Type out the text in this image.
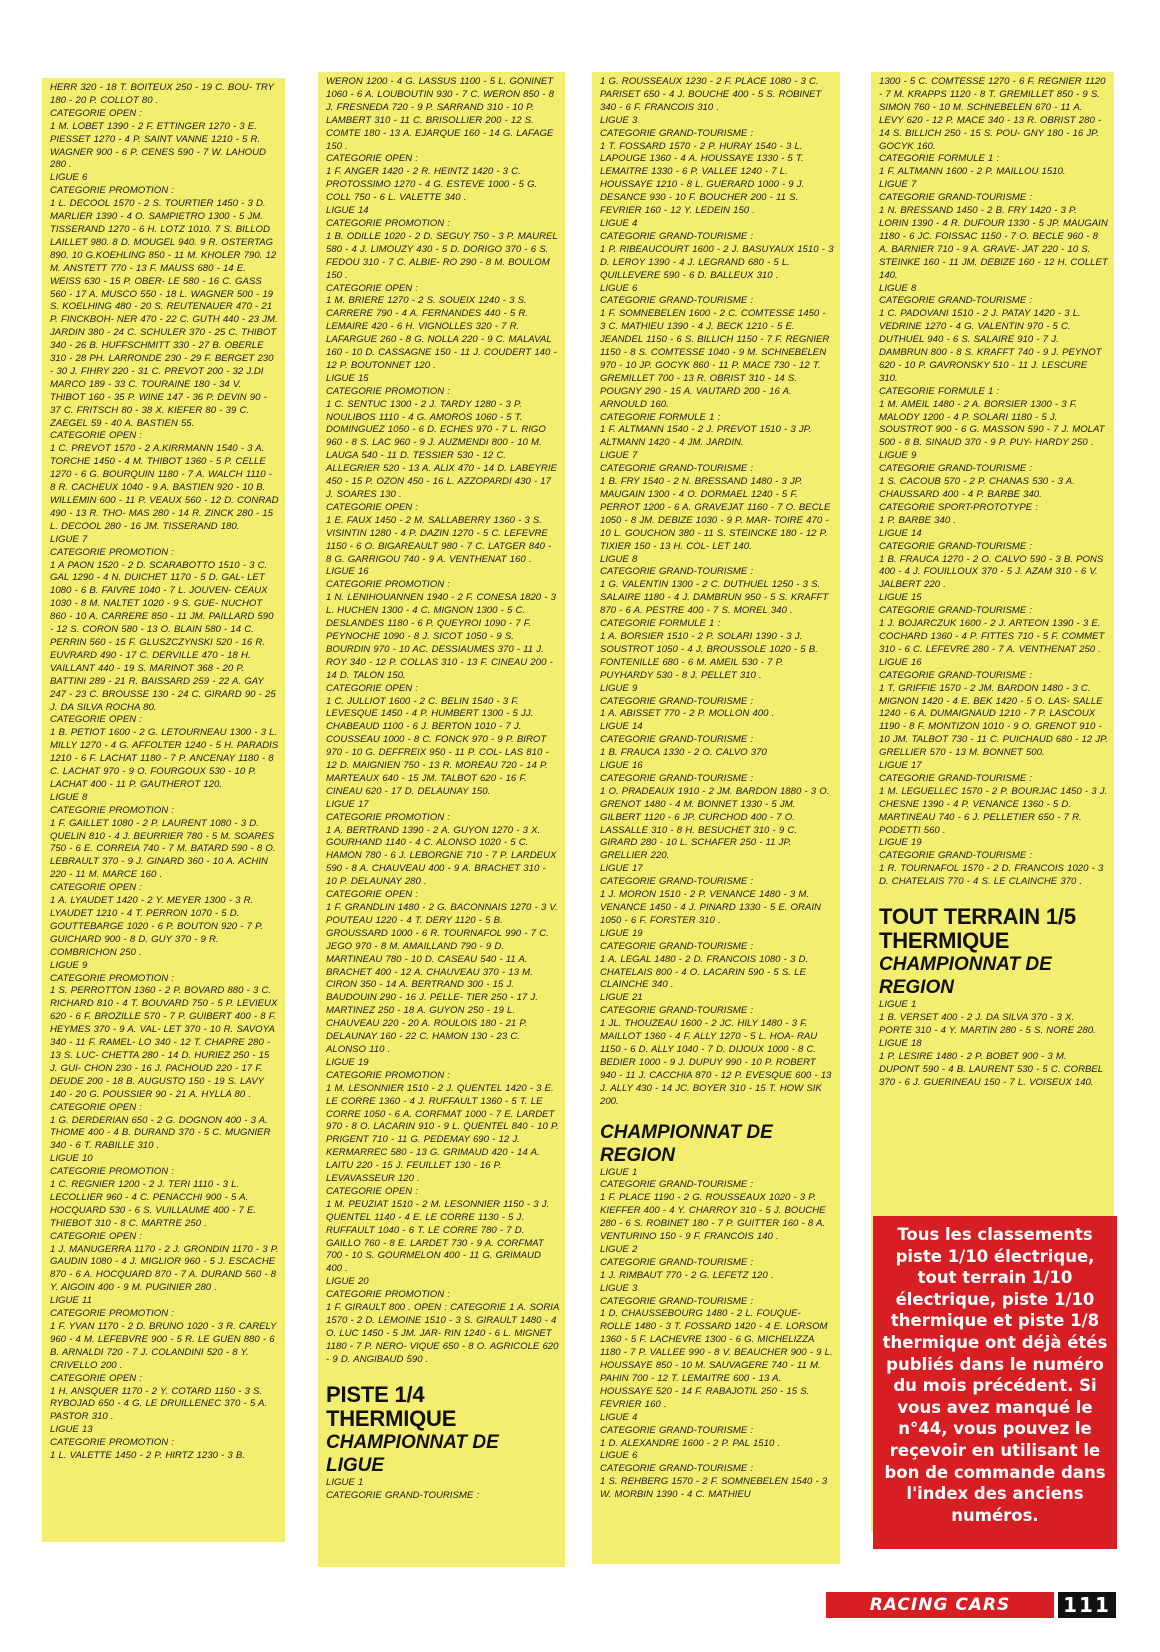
HERR 320 - 18 T. BOITEUX 250 - 19 C. BOU- TRY 180 - 20 P. COLLOT 80 .

CATEGORIE OPEN :

1 M. LOBET 1390 - 2 F. ETTINGER 1270 - 3 E. PIESSET 1270 - 4 P. SAINT VANNE 1210 - 5 R. WAGNER 900 - 6 P. CENES 590 - 7 W. LAHOUD 280 .

LIGUE 6

CATEGORIE PROMOTION :

1 L. DECOOL 1570 - 2 S. TOURTIER 1450 - 3 D. MARLIER 1390 - 4 O. SAMPIETRO 1300 - 5 JM. TISSERAND 1270 - 6 H. LOTZ 1010. 7 S. BILLOD LAILLET 980. 8 D. MOUGEL 940. 9 R. OSTERTAG 890. 10 G.KOEHLING 850 - 11 M. KHOLER 790. 12 M. ANSTETT 770 - 13 F. MAUSS 680 - 14 E. WEISS 630 - 15 P. OBER- LE 580 - 16 C. GASS 560 - 17 A. MUSCO 550 - 18 L. WAGNER 500 - 19 S. KOELHING 480 - 20 S. REUTENAUER 470 - 21 P. FINCKBOH- NER 470 - 22 C. GUTH 440 - 23 JM. JARDIN 380 - 24 C. SCHULER 370 - 25 C. THIBOT 340 - 26 B. HUFFSCHMITT 330 - 27 B. OBERLE 310 - 28 PH. LARRONDE 230 - 29 F. BERGET 230 - 30 J. FIHRY 220 - 31 C. PREVOT 200 - 32 J.DI MARCO 189 - 33 C. TOURAINE 180 - 34 V. THIBOT 160 - 35 P. WINE 147 - 36 P. DEVIN 90 - 37 C. FRITSCH 80 - 38 X. KIEFER 80 - 39 C. ZAEGEL 59 - 40 A. BASTIEN 55.

CATEGORIE OPEN :

1 C. PREVOT 1570 - 2 A.KIRRMANN 1540 - 3 A. TORCHE 1450 - 4 M. THIBOT 1360 - 5 P. CELLE 1270 - 6 G. BOURQUIN 1180 - 7 A. WALCH 1110 - 8 R. CACHEUX 1040 - 9 A. BASTIEN 920 - 10 B. WILLEMIN 600 - 11 P. VEAUX 560 - 12 D. CONRAD 490 - 13 R. THO- MAS 280 - 14 R. ZINCK 280 - 15 L. DECOOL 280 - 16 JM. TISSERAND 180.

LIGUE 7

CATEGORIE PROMOTION :

1 A PAON 1520 - 2 D. SCARABOTTO 1510 - 3 C. GAL 1290 - 4 N. DUICHET 1170 - 5 D. GAL- LET 1080 - 6 B. FAIVRE 1040 - 7 L. JOUVEN- CEAUX 1030 - 8 M. NALTET 1020 - 9 S. GUE- NUCHOT 860 - 10 A. CARRERE 850 - 11 JM. PAILLARD 590 - 12 S. CORON 580 - 13 O. BLAIN 580 - 14 C. PERRIN 560 - 15 F. GLUSZCZYNSKI 520 - 16 R. EUVRARD 490 - 17 C. DERVILLE 470 - 18 H. VAILLANT 440 - 19 S. MARINOT 368 - 20 P. BATTINI 289 - 21 R. BAISSARD 259 - 22 A. GAY 247 - 23 C. BROUSSE 130 - 24 C. GIRARD 90 - 25 J. DA SILVA ROCHA 80.

CATEGORIE OPEN :

1 B. PETIOT 1600 - 2 G. LETOURNEAU 1300 - 3 L. MILLY 1270 - 4 G. AFFOLTER 1240 - 5 H. PARADIS 1210 - 6 F. LACHAT 1180 - 7 P. ANCENAY 1180 - 8 C. LACHAT 970 - 9 O. FOURGOUX 530 - 10 P. LACHAT 400 - 11 P. GAUTHEROT 120.

LIGUE 8

CATEGORIE PROMOTION :

1 F. GAILLET 1080 - 2 P. LAURENT 1080 - 3 D. QUELIN 810 - 4 J. BEURRIER 780 - 5 M. SOARES 750 - 6 E. CORREIA 740 - 7 M. BATARD 590 - 8 O. LEBRAULT 370 - 9 J. GINARD 360 - 10 A. ACHIN 220 - 11 M. MARCE 160 .

CATEGORIE OPEN :

1 A. LYAUDET 1420 - 2 Y. MEYER 1300 - 3 R. LYAUDET 1210 - 4 T. PERRON 1070 - 5 D. GOUTTEBARGE 1020 - 6 P. BOUTON 920 - 7 P. GUICHARD 900 - 8 D. GUY 370 - 9 R. COMBRICHON 250 .

LIGUE 9

CATEGORIE PROMOTION :

1 S. PERROTTON 1360 - 2 P. BOVARD 880 - 3 C. RICHARD 810 - 4 T. BOUVARD 750 - 5 P. LEVIEUX 620 - 6 F. BROZILLE 570 - 7 P. GUIBERT 400 - 8 F. HEYMES 370 - 9 A. VAL- LET 370 - 10 R. SAVOYA 340 - 11 F. RAMEL- LO 340 - 12 T. CHAPRE 280 - 13 S. LUC- CHETTA 280 - 14 D. HURIEZ 250 - 15 J. GUI- CHON 230 - 16 J. PACHOUD 220 - 17 F. DEUDE 200 - 18 B. AUGUSTO 150 - 19 S. LAVY 140 - 20 G. POUSSIER 90 - 21 A. HYLLA 80 .

CATEGORIE OPEN :

1 G. DERDERIAN 650 - 2 G. DOGNON 400 - 3 A. THOME 400 - 4 B. DURAND 370 - 5 C. MUGNIER 340 - 6 T. RABILLE 310 .

LIGUE 10

CATEGORIE PROMOTION :

1 C. REGNIER 1200 - 2 J. TERI 1110 - 3 L. LECOLLIER 960 - 4 C. PENACCHI 900 - 5 A. HOCQUARD 530 - 6 S. VUILLAUME 400 - 7 E. THIEBOT 310 - 8 C. MARTRE 250 .

CATEGORIE OPEN :

1 J. MANUGERRA 1170 - 2 J. GRONDIN 1170 - 3 P. GAUDIN 1080 - 4 J. MIGLIOR 960 - 5 J. ESCACHE 870 - 6 A. HOCQUARD 870 - 7 A. DURAND 560 - 8 Y. AIGOIN 400 - 9 M. PUGINIER 280 .

LIGUE 11

CATEGORIE PROMOTION :

1 F. YVAN 1170 - 2 D. BRUNO 1020 - 3 R. CARELY 960 - 4 M. LEFEBVRE 900 - 5 R. LE GUEN 880 - 6 B. ARNALDI 720 - 7 J. COLANDINI 520 - 8 Y. CRIVELLO 200 .

CATEGORIE OPEN :

1 H. ANSQUER 1170 - 2 Y. COTARD 1150 - 3 S. RYBOJAD 650 - 4 G. LE DRUILLENEC 370 - 5 A. PASTOR 310 .

LIGUE 13

CATEGORIE PROMOTION :

1 L. VALETTE 1450 - 2 P. HIRTZ 1230 - 3 B.

WERON 1200 - 4 G. LASSUS 1100 - 5 L. GONINET 1060 - 6 A. LOUBOUTIN 930 - 7 C. WERON 850 - 8 J. FRESNEDA 720 - 9 P. SARRAND 310 - 10 P. LAMBERT 310 - 11 C. BRISOLLIER 200 - 12 S. COMTE 180 - 13 A. EJARQUE 160 - 14 G. LAFAGE 150 .

CATEGORIE OPEN :

1 F. ANGER 1420 - 2 R. HEINTZ 1420 - 3 C. PROTOSSIMO 1270 - 4 G. ESTEVE 1000 - 5 G. COLL 750 - 6 L. VALETTE 340 .

LIGUE 14

CATEGORIE PROMOTION :

1 B. ODILLE 1020 - 2 D. SEGUY 750 - 3 P. MAUREL 580 - 4 J. LIMOUZY 430 - 5 D. DORIGO 370 - 6 S. FEDOU 310 - 7 C. ALBIE- RO 290 - 8 M. BOULOM 150 .

CATEGORIE OPEN :

1 M. BRIERE 1270 - 2 S. SOUEIX 1240 - 3 S. CARRERE 790 - 4 A. FERNANDES 440 - 5 R. LEMAIRE 420 - 6 H. VIGNOLLES 320 - 7 R. LAFARGUE 260 - 8 G. NOLLA 220 - 9 C. MALAVAL 160 - 10 D. CASSAGNE 150 - 11 J. COUDERT 140 - 12 P. BOUTONNET 120 .

LIGUE 15

CATEGORIE PROMOTION :

1 C. SENTUC 1300 - 2 J. TARDY 1280 - 3 P. NOULIBOS 1110 - 4 G. AMOROS 1060 - 5 T. DOMINGUEZ 1050 - 6 D. ECHES 970 - 7 L. RIGO 960 - 8 S. LAC 960 - 9 J. AUZMENDI 800 - 10 M. LAUGA 540 - 11 D. TESSIER 530 - 12 C. ALLEGRIER 520 - 13 A. ALIX 470 - 14 D. LABEYRIE 450 - 15 P. OZON 450 - 16 L. AZZOPARDI 430 - 17 J. SOARES 130 .

CATEGORIE OPEN :

1 E. FAUX 1450 - 2 M. SALLABERRY 1360 - 3 S. VISINTIN 1280 - 4 P. DAZIN 1270 - 5 C. LEFEVRE 1150 - 6 O. BIGAREAULT 980 - 7 C. LATGER 840 - 8 G. GARRIGOU 740 - 9 A. VENTHENAT 160 .

LIGUE 16

CATEGORIE PROMOTION :

1 N. LENIHOUANNEN 1940 - 2 F. CONESA 1820 - 3 L. HUCHEN 1300 - 4 C. MIGNON 1300 - 5 C. DESLANDES 1180 - 6 P. QUEYROI 1090 - 7 F. PEYNOCHE 1090 - 8 J. SICOT 1050 - 9 S. BOURDIN 970 - 10 AC. DESSIAUMES 370 - 11 J. ROY 340 - 12 P. COLLAS 310 - 13 F. CINEAU 200 - 14 D. TALON 150.

CATEGORIE OPEN :

1 C. JULLIOT 1600 - 2 C. BELIN 1540 - 3 F. LEVESQUE 1450 - 4 P. HUMBERT 1300 - 5 JJ. CHABEAUD 1100 - 6 J. BERTON 1010 - 7 J. COUSSEAU 1000 - 8 C. FONCK 970 - 9 P. BIROT 970 - 10 G. DEFFREIX 950 - 11 P. COL- LAS 810 - 12 D. MAIGNIEN 750 - 13 R. MOREAU 720 - 14 P. MARTEAUX 640 - 15 JM. TALBOT 620 - 16 F. CINEAU 620 - 17 D. DELAUNAY 150.

LIGUE 17

CATEGORIE PROMOTION :

1 A. BERTRAND 1390 - 2 A. GUYON 1270 - 3 X. GOURHAND 1140 - 4 C. ALONSO 1020 - 5 C. HAMON 780 - 6 J. LEBORGNE 710 - 7 P. LARDEUX 590 - 8 A. CHAUVEAU 400 - 9 A. BRACHET 310 - 10 P. DELAUNAY 280 .

CATEGORIE OPEN :

1 F. GRANDLIN 1480 - 2 G. BACONNAIS 1270 - 3 V. POUTEAU 1220 - 4 T. DERY 1120 - 5 B. GROUSSARD 1000 - 6 R. TOURNAFOL 990 - 7 C. JEGO 970 - 8 M. AMAILLAND 790 - 9 D. MARTINEAU 780 - 10 D. CASEAU 540 - 11 A. BRACHET 400 - 12 A. CHAUVEAU 370 - 13 M. CIRON 350 - 14 A. BERTRAND 300 - 15 J. BAUDOUIN 290 - 16 J. PELLE- TIER 250 - 17 J. MARTINEZ 250 - 18 A. GUYON 250 - 19 L. CHAUVEAU 220 - 20 A. ROULOIS 180 - 21 P. DELAUNAY 160 - 22 C. HAMON 130 - 23 C. ALONSO 110 .

LIGUE 19

CATEGORIE PROMOTION :

1 M. LESONNIER 1510 - 2 J. QUENTEL 1420 - 3 E. LE CORRE 1360 - 4 J. RUFFAULT 1360 - 5 T. LE CORRE 1050 - 6 A. CORFMAT 1000 - 7 E. LARDET 970 - 8 O. LACARIN 910 - 9 L. QUENTEL 840 - 10 P. PRIGENT 710 - 11 G. PEDEMAY 690 - 12 J. KERMARREC 580 - 13 G. GRIMAUD 420 - 14 A. LAITU 220 - 15 J. FEUILLET 130 - 16 P. LEVAVASSEUR 120 .

CATEGORIE OPEN :

1 M. PEUZIAT 1510 - 2 M. LESONNIER 1150 - 3 J. QUENTEL 1140 - 4 E. LE CORRE 1130 - 5 J. RUFFAULT 1040 - 6 T. LE CORRE 780 - 7 D. GAILLO 760 - 8 E. LARDET 730 - 9 A. CORFMAT 700 - 10 S. GOURMELON 400 - 11 G. GRIMAUD 400 .

LIGUE 20

CATEGORIE PROMOTION :

1 F. GIRAULT 800 . OPEN : CATEGORIE 1 A. SORIA 1570 - 2 D. LEMOINE 1510 - 3 S. GIRAULT 1480 - 4 O. LUC 1450 - 5 JM. JAR- RIN 1240 - 6 L. MIGNET 1180 - 7 P. NERO- VIQUE 650 - 8 O. AGRICOLE 620 - 9 D. ANGIBAUD 590 .

PISTE 1/4 THERMIQUE
CHAMPIONNAT DE LIGUE

LIGUE 1

CATEGORIE GRAND-TOURISME :

1 G. ROUSSEAUX 1230 - 2 F. PLACE 1080 - 3 C. PARISET 650 - 4 J. BOUCHE 400 - 5 S. ROBINET 340 - 6 F. FRANCOIS 310 .

LIGUE 3

CATEGORIE GRAND-TOURISME :

1 T. FOSSARD 1570 - 2 P. HURAY 1540 - 3 L. LAPOUGE 1360 - 4 A. HOUSSAYE 1330 - 5 T. LEMAITRE 1330 - 6 P. VALLEE 1240 - 7 L. HOUSSAYE 1210 - 8 L. GUERARD 1000 - 9 J. DESANCE 930 - 10 F. BOUCHER 200 - 11 S. FEVRIER 160 - 12 Y. LEDEIN 150 .

LIGUE 4

CATEGORIE GRAND-TOURISME :

1 P. RIBEAUCOURT 1600 - 2 J. BASUYAUX 1510 - 3 D. LEROY 1390 - 4 J. LEGRAND 680 - 5 L. QUILLEVERE 590 - 6 D. BALLEUX 310 .

LIGUE 6

CATEGORIE GRAND-TOURISME :

1 F. SOMNEBELEN 1600 - 2 C. COMTESSE 1450 - 3 C. MATHIEU 1390 - 4 J. BECK 1210 - 5 E. JEANDEL 1150 - 6 S. BILLICH 1150 - 7 F. REGNIER 1150 - 8 S. COMTESSE 1040 - 9 M. SCHNEBELEN 970 - 10 JP. GOCYK 860 - 11 P. MACE 730 - 12 T. GREMILLET 700 - 13 R. OBRIST 310 - 14 S. POUGNY 290 - 15 A. VAUTARD 200 - 16 A. ARNOULD 160.

CATEGORIE FORMULE 1 :

1 F. ALTMANN 1540 - 2 J. PREVOT 1510 - 3 JP. ALTMANN 1420 - 4 JM. JARDIN.

LIGUE 7

CATEGORIE GRAND-TOURISME :

1 B. FRY 1540 - 2 N. BRESSAND 1480 - 3 JP. MAUGAIN 1300 - 4 O. DORMAEL 1240 - 5 F. PERROT 1200 - 6 A. GRAVEJAT 1160 - 7 O. BECLE 1050 - 8 JM. DEBIZE 1030 - 9 P. MAR- TOIRE 470 - 10 L. GOUCHON 380 - 11 S. STEINCKE 180 - 12 P. TIXIER 150 - 13 H. COL- LET 140.

LIGUE 8

CATEGORIE GRAND-TOURISME :

1 G. VALENTIN 1300 - 2 C. DUTHUEL 1250 - 3 S. SALAIRE 1180 - 4 J. DAMBRUN 950 - 5 S. KRAFFT 870 - 6 A. PESTRE 400 - 7 S. MOREL 340 .

CATEGORIE FORMULE 1 :

1 A. BORSIER 1510 - 2 P. SOLARI 1390 - 3 J. SOUSTROT 1050 - 4 J. BROUSSOLE 1020 - 5 B. FONTENILLE 680 - 6 M. AMEIL 530 - 7 P. PUYHARDY 530 - 8 J. PELLET 310 .

LIGUE 9

CATEGORIE GRAND-TOURISME :

1 A. ABISSET 770 - 2 P. MOLLON 400 .

LIGUE 14

CATEGORIE GRAND-TOURISME :

1 B. FRAUCA 1330 - 2 O. CALVO 370

LIGUE 16

CATEGORIE GRAND-TOURISME :

1 O. PRADEAUX 1910 - 2 JM. BARDON 1880 - 3 O. GRENOT 1480 - 4 M. BONNET 1330 - 5 JM. GILBERT 1120 - 6 JP. CURCHOD 400 - 7 O. LASSALLE 310 - 8 H. BESUCHET 310 - 9 C. GIRARD 280 - 10 L. SCHAFER 250 - 11 JP. GRELLIER 220.

LIGUE 17

CATEGORIE GRAND-TOURISME :

1 J. MORON 1510 - 2 P. VENANCE 1480 - 3 M. VENANCE 1450 - 4 J. PINARD 1330 - 5 E. ORAIN 1050 - 6 F. FORSTER 310 .

LIGUE 19

CATEGORIE GRAND-TOURISME :

1 A. LEGAL 1480 - 2 D. FRANCOIS 1080 - 3 D. CHATELAIS 800 - 4 O. LACARIN 590 - 5 S. LE CLAINCHE 340 .

LIGUE 21

CATEGORIE GRAND-TOURISME :

1 JL. THOUZEAU 1600 - 2 JC. HILY 1480 - 3 F. MAILLOT 1360 - 4 F. ALLY 1270 - 5 L. HOA- RAU 1150 - 6 D. ALLY 1040 - 7 D. DIJOUX 1000 - 8 C. BEDIER 1000 - 9 J. DUPUY 990 - 10 P. ROBERT 940 - 11 J. CACCHIA 870 - 12 P. EVESQUE 600 - 13 J. ALLY 430 - 14 JC. BOYER 310 - 15 T. HOW SIK 200.

CHAMPIONNAT DE REGION

LIGUE 1

CATEGORIE GRAND-TOURISME :

1 F. PLACE 1190 - 2 G. ROUSSEAUX 1020 - 3 P. KIEFFER 400 - 4 Y. CHARROY 310 - 5 J. BOUCHE 280 - 6 S. ROBINET 180 - 7 P. GUITTER 160 - 8 A. VENTURINO 150 - 9 F. FRANCOIS 140 .

LIGUE 2

CATEGORIE GRAND-TOURISME :

1 J. RIMBAUT 770 - 2 G. LEFETZ 120 .

LIGUE 3

CATEGORIE GRAND-TOURISME :

1 D. CHAUSSEBOURG 1480 - 2 L. FOUQUE- ROLLE 1480 - 3 T. FOSSARD 1420 - 4 E. LORSOM 1360 - 5 F. LACHEVRE 1300 - 6 G. MICHELIZZA 1180 - 7 P. VALLEE 990 - 8 V. BEAUCHER 900 - 9 L. HOUSSAYE 850 - 10 M. SAUVAGERE 740 - 11 M. PAHIN 700 - 12 T. LEMAITRE 600 - 13 A. HOUSSAYE 520 - 14 F. RABAJOTIL 250 - 15 S. FEVRIER 160 .

LIGUE 4

CATEGORIE GRAND-TOURISME :

1 D. ALEXANDRE 1600 - 2 P. PAL 1510 .

LIGUE 6

CATEGORIE GRAND-TOURISME :

1 S. REHBERG 1570 - 2 F. SOMNEBELEN 1540 - 3 W. MORBIN 1390 - 4 C. MATHIEU

1300 - 5 C. COMTESSE 1270 - 6 F. REGNIER 1120 - 7 M. KRAPPS 1120 - 8 T. GREMILLET 850 - 9 S. SIMON 760 - 10 M. SCHNEBELEN 670 - 11 A. LEVY 620 - 12 P. MACE 340 - 13 R. OBRIST 280 - 14 S. BILLICH 250 - 15 S. POU- GNY 180 - 16 JP. GOCYK 160.

CATEGORIE FORMULE 1 :

1 F. ALTMANN 1600 - 2 P. MAILLOU 1510.

LIGUE 7

CATEGORIE GRAND-TOURISME :

1 N. BRESSAND 1450 - 2 B. FRY 1420 - 3 P. LORIN 1390 - 4 R. DUFOUR 1330 - 5 JP. MAUGAIN 1180 - 6 JC. FOISSAC 1150 - 7 O. BECLE 960 - 8 A. BARNIER 710 - 9 A. GRAVE- JAT 220 - 10 S. STEINKE 160 - 11 JM. DEBIZE 160 - 12 H. COLLET 140.

LIGUE 8

CATEGORIE GRAND-TOURISME :

1 C. PADOVANI 1510 - 2 J. PATAY 1420 - 3 L. VEDRINE 1270 - 4 G. VALENTIN 970 - 5 C. DUTHUEL 940 - 6 S. SALAIRE 910 - 7 J. DAMBRUN 800 - 8 S. KRAFFT 740 - 9 J. PEYNOT 620 - 10 P. GAVRONSKY 510 - 11 J. LESCURE 310.

CATEGORIE FORMULE 1 :

1 M. AMEIL 1480 - 2 A. BORSIER 1300 - 3 F. MALODY 1200 - 4 P. SOLARI 1180 - 5 J. SOUSTROT 900 - 6 G. MASSON 590 - 7 J. MOLAT 500 - 8 B. SINAUD 370 - 9 P. PUY- HARDY 250 .

LIGUE 9

CATEGORIE GRAND-TOURISME :

1 S. CACOUB 570 - 2 P. CHANAS 530 - 3 A. CHAUSSARD 400 - 4 P. BARBE 340.

CATEGORIE SPORT-PROTOTYPE :

1 P. BARBE 340 .

LIGUE 14

CATEGORIE GRAND-TOURISME :

1 B. FRAUCA 1270 - 2 O. CALVO 590 - 3 B. PONS 400 - 4 J. FOUILLOUX 370 - 5 J. AZAM 310 - 6 V. JALBERT 220 .

LIGUE 15

CATEGORIE GRAND-TOURISME :

1 J. BOJARCZUK 1600 - 2 J. ARTEON 1390 - 3 E. COCHARD 1360 - 4 P. FITTES 710 - 5 F. COMMET 310 - 6 C. LEFEVRE 280 - 7 A. VENTHENAT 250 .

LIGUE 16

CATEGORIE GRAND-TOURISME :

1 T. GRIFFIE 1570 - 2 JM. BARDON 1480 - 3 C. MIGNON 1420 - 4 E. BEK 1420 - 5 O. LAS- SALLE 1240 - 6 A. DUMAIGNAUD 1210 - 7 P. LASCOUX 1190 - 8 F. MONTIZON 1010 - 9 O. GRENOT 910 - 10 JM. TALBOT 730 - 11 C. PUICHAUD 680 - 12 JP. GRELLIER 570 - 13 M. BONNET 500.

LIGUE 17

CATEGORIE GRAND-TOURISME :

1 M. LEGUELLEC 1570 - 2 P. BOURJAC 1450 - 3 J. CHESNE 1390 - 4 P. VENANCE 1360 - 5 D. MARTINEAU 740 - 6 J. PELLETIER 650 - 7 R. PODETTI 560 .

LIGUE 19

CATEGORIE GRAND-TOURISME :

1 R. TOURNAFOL 1570 - 2 D. FRANCOIS 1020 - 3 D. CHATELAIS 770 - 4 S. LE CLAINCHE 370 .

TOUT TERRAIN 1/5 THERMIQUE
CHAMPIONNAT DE REGION

LIGUE 1

1 B. VERSET 400 - 2 J. DA SILVA 370 - 3 X. PORTE 310 - 4 Y. MARTIN 280 - 5 S. NORE 280.

LIGUE 18

1 P. LESIRE 1480 - 2 P. BOBET 900 - 3 M. DUPONT 590 - 4 B. LAURENT 530 - 5 C. CORBEL 370 - 6 J. GUERINEAU 150 - 7 L. VOISEUX 140.

Tous les classements piste 1/10 électrique, tout terrain 1/10 électrique, piste 1/10 thermique et piste 1/8 thermique ont déjà étés publiés dans le numéro du mois précédent. Si vous avez manqué le n°44, vous pouvez le reçevoir en utilisant le bon de commande dans l'index des anciens numéros.
RACING CARS	111
